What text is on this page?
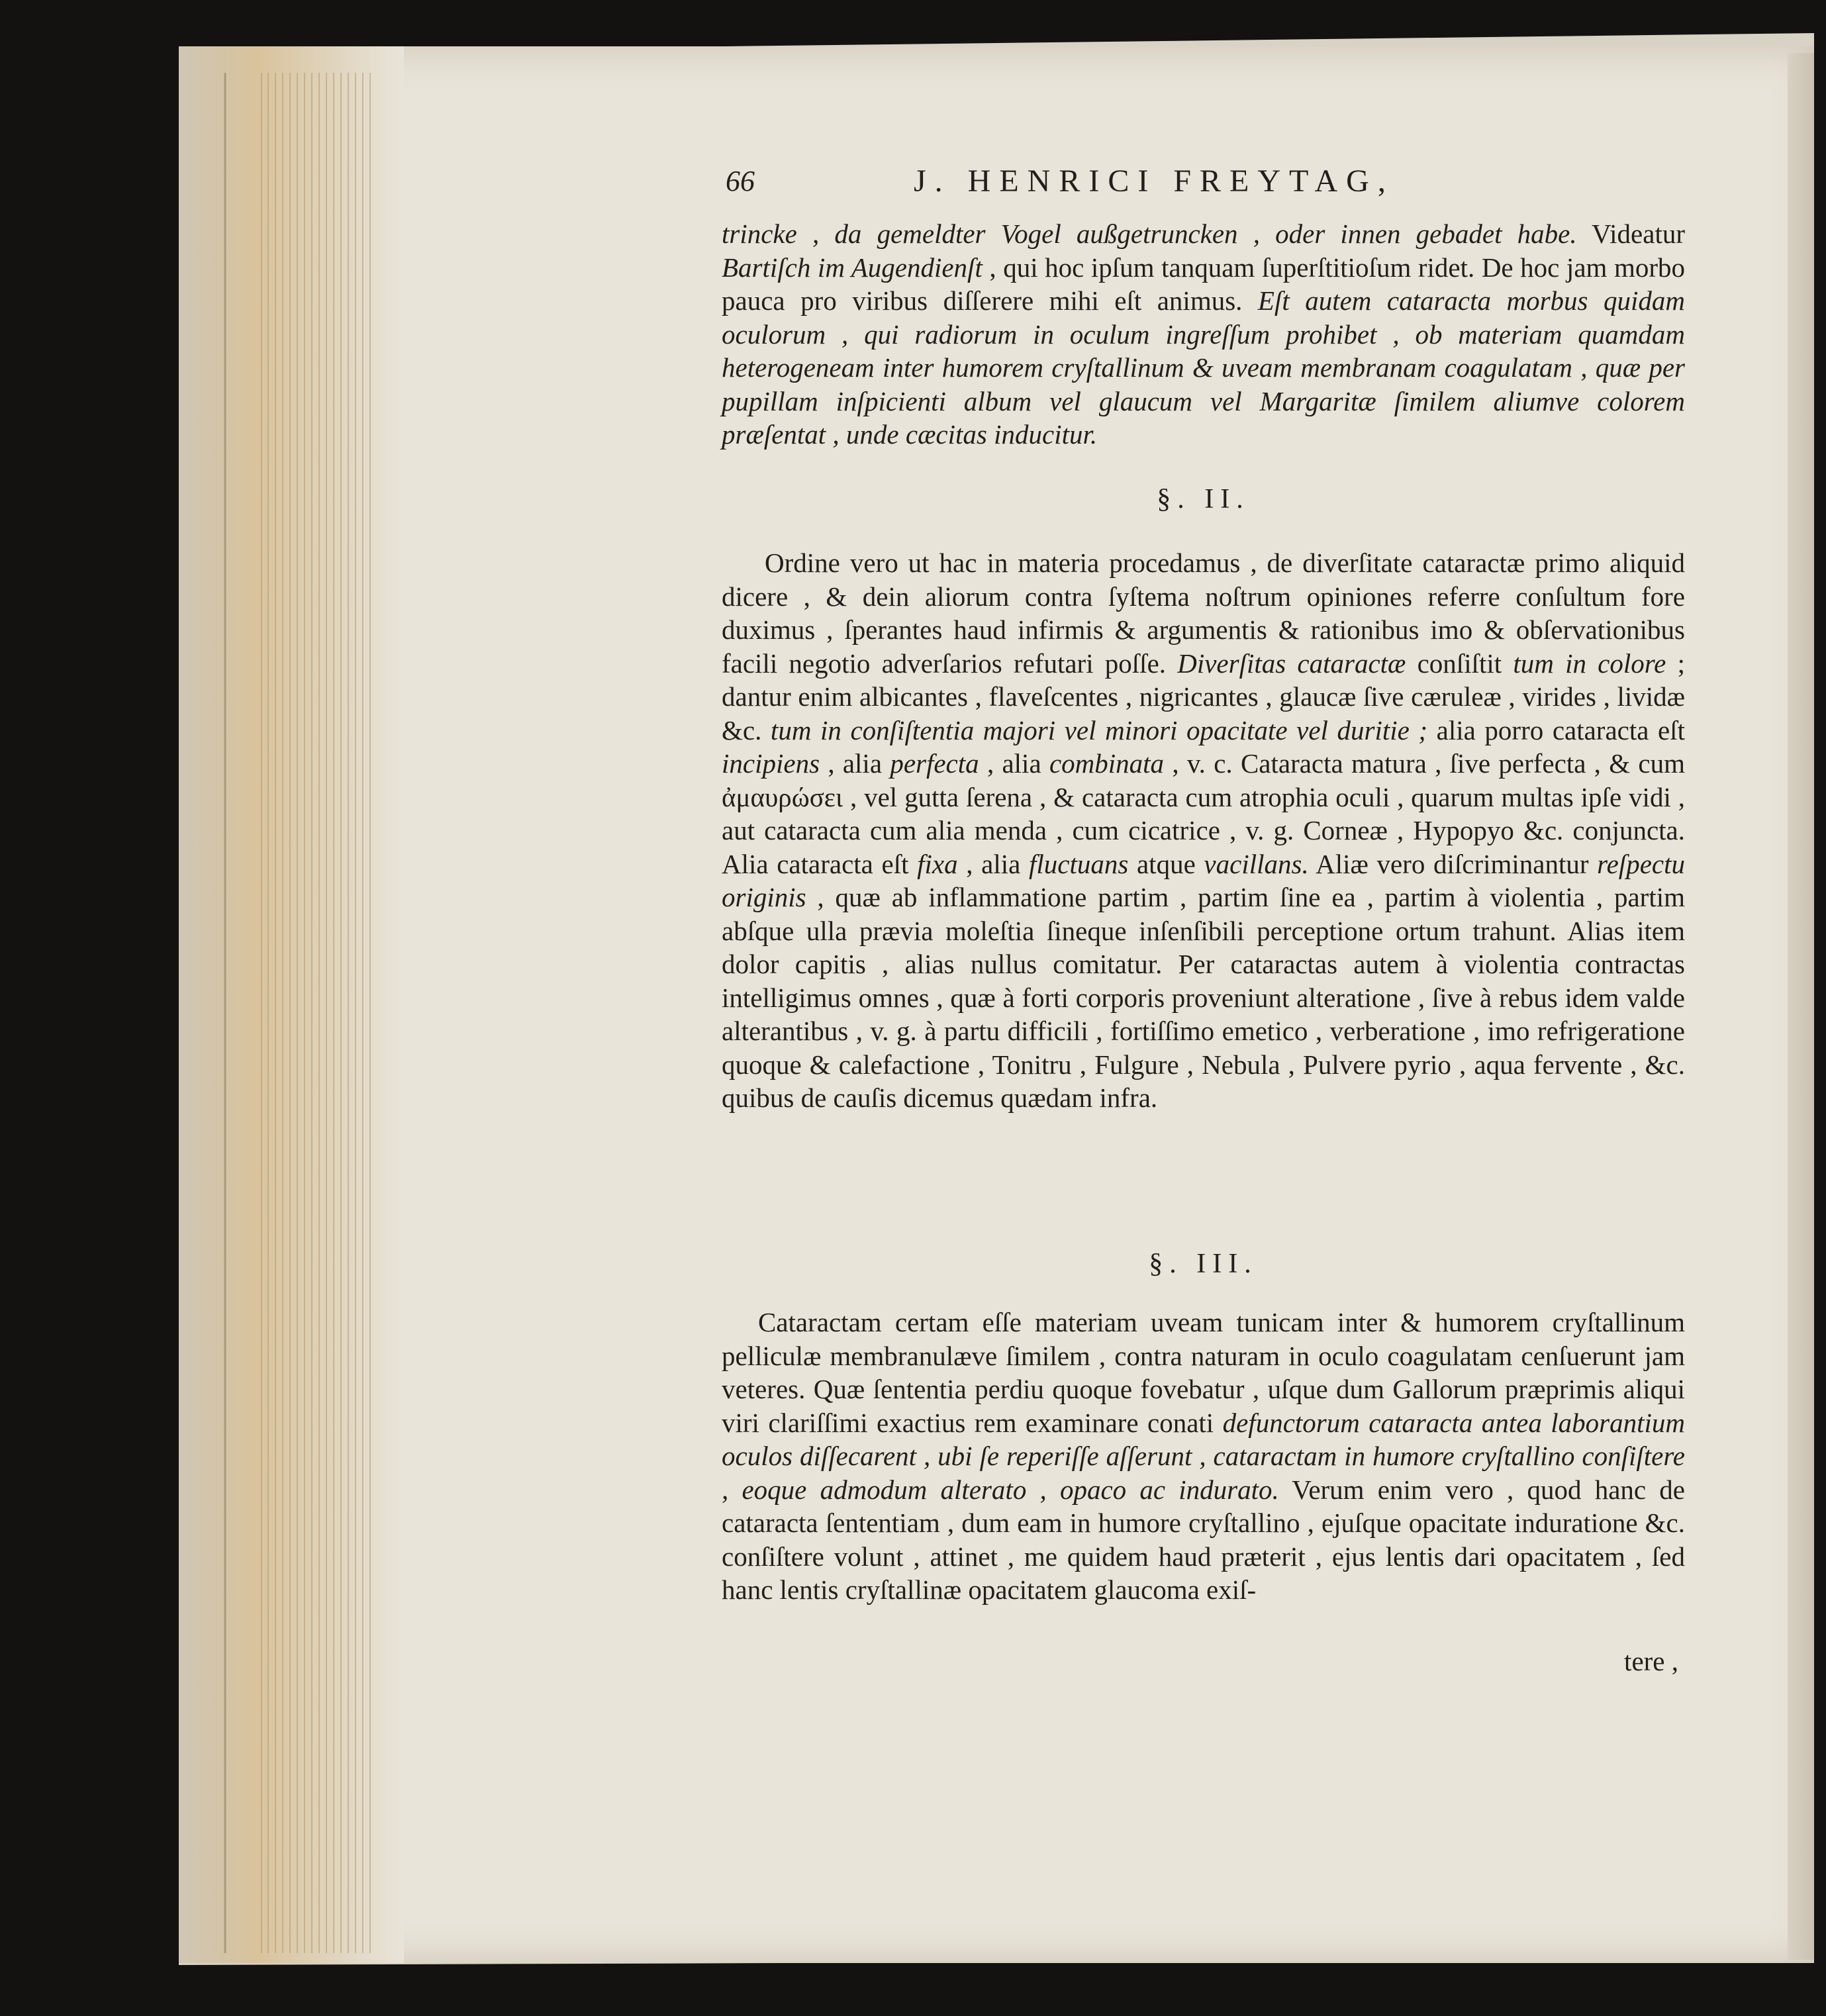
66	J. HENRICI FREYTAG,
trincke , da gemeldter Vogel außgetruncken , oder innen gebadet habe. Videatur Bartiſch im Augendienſt , qui hoc ipſum tanquam ſuperſtitioſum ridet. De hoc jam morbo pauca pro viribus diſſerere mihi eſt animus. Eſt autem cataracta morbus quidam oculorum , qui radiorum in oculum ingreſſum prohibet , ob materiam quamdam heterogeneam inter humorem cryſtallinum & uveam membranam coagulatam , quæ per pupillam inſpicienti album vel glaucum vel Margaritæ ſimilem aliumve colorem præſentat , unde cæcitas inducitur.
§. II.
Ordine vero ut hac in materia procedamus , de diverſitate cataractæ primo aliquid dicere , & dein aliorum contra ſyſtema noſtrum opiniones referre conſultum fore duximus , ſperantes haud infirmis & argumentis & rationibus imo & obſervationibus facili negotio adverſarios refutari poſſe. Diverſitas cataractæ conſiſtit tum in colore ; dantur enim albicantes , flaveſcentes , nigricantes , glaucæ ſive cæruleæ , virides , lividæ &c. tum in conſiſtentia majori vel minori opacitate vel duritie ; alia porro cataracta eſt incipiens , alia perfecta , alia combinata , v. c. Cataracta matura , ſive perfecta , & cum ἀμαυρώσει , vel gutta ſerena , & cataracta cum atrophia oculi , quarum multas ipſe vidi , aut cataracta cum alia menda , cum cicatrice , v. g. Corneæ , Hypopyo &c. conjuncta. Alia cataracta eſt fixa , alia fluctuans atque vacillans. Aliæ vero diſcriminantur reſpectu originis , quæ ab inflammatione partim , partim ſine ea , partim à violentia , partim abſque ulla prævia moleſtia ſineque inſenſibili perceptione ortum trahunt. Alias item dolor capitis , alias nullus comitatur. Per cataractas autem à violentia contractas intelligimus omnes , quæ à forti corporis proveniunt alteratione , ſive à rebus idem valde alterantibus , v. g. à partu difficili , fortiſſimo emetico , verberatione , imo refrigeratione quoque & calefactione , Tonitru , Fulgure , Nebula , Pulvere pyrio , aqua fervente , &c. quibus de cauſis dicemus quædam infra.
§. III.
Cataractam certam eſſe materiam uveam tunicam inter & humorem cryſtallinum pelliculæ membranulæve ſimilem , contra naturam in oculo coagulatam cenſuerunt jam veteres. Quæ ſententia perdiu quoque fovebatur , uſque dum Gallorum præprimis aliqui viri clariſſimi exactius rem examinare conati defunctorum cataracta antea laborantium oculos diſſecarent , ubi ſe reperiſſe aſſerunt , cataractam in humore cryſtallino conſiſtere , eoque admodum alterato , opaco ac indurato. Verum enim vero , quod hanc de cataracta ſententiam , dum eam in humore cryſtallino , ejuſque opacitate induratione &c. conſiſtere volunt , attinet , me quidem haud præterit , ejus lentis dari opacitatem , ſed hanc lentis cryſtallinæ opacitatem glaucoma exiſ-
tere ,
